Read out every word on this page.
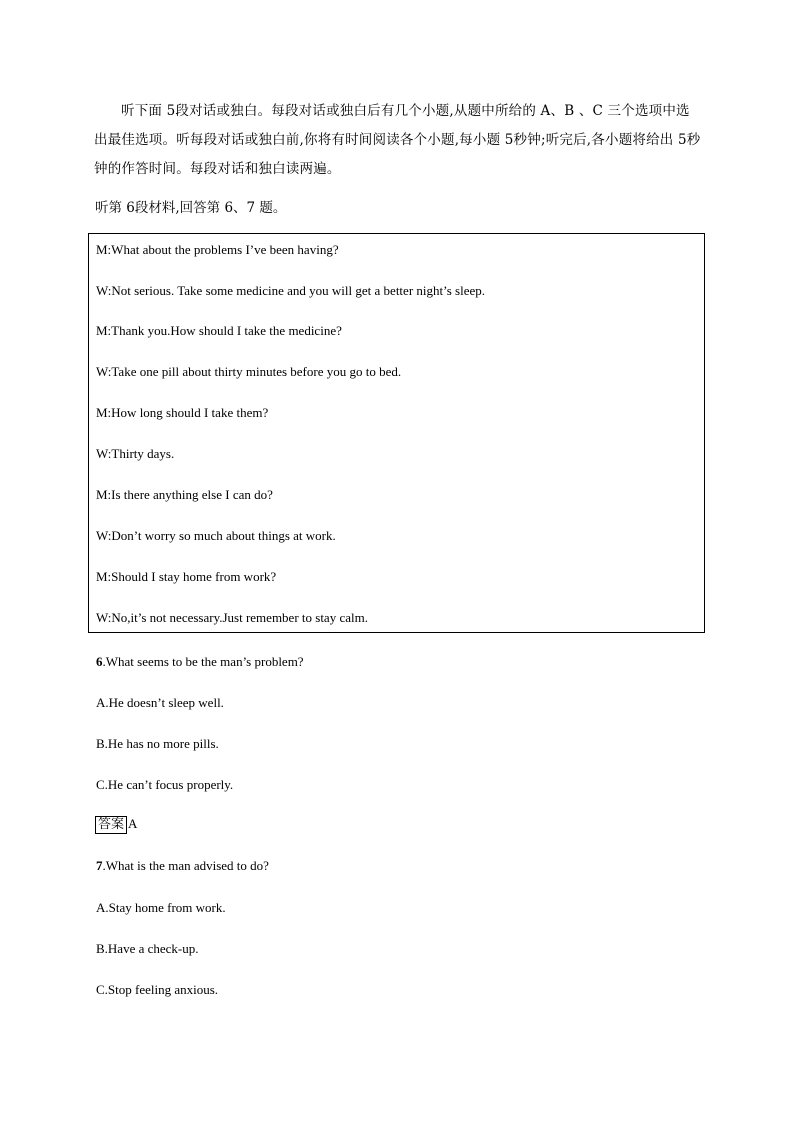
听下面 5段对话或独白。每段对话或独白后有几个小题,从题中所给的 A、B 、C 三个选项中选出最佳选项。听每段对话或独白前,你将有时间阅读各个小题,每小题 5秒钟;听完后,各小题将给出 5秒钟的作答时间。每段对话和独白读两遍。
听第 6段材料,回答第 6、7 题。
M:What about the problems I’ve been having?
W:Not serious. Take some medicine and you will get a better night’s sleep.
M:Thank you.How should I take the medicine?
W:Take one pill about thirty minutes before you go to bed.
M:How long should I take them?
W:Thirty days.
M:Is there anything else I can do?
W:Don’t worry so much about things at work.
M:Should I stay home from work?
W:No,it’s not necessary.Just remember to stay calm.
6.What seems to be the man’s problem?
A.He doesn’t sleep well.
B.He has no more pills.
C.He can’t focus properly.
答案 A
7.What is the man advised to do?
A.Stay home from work.
B.Have a check-up.
C.Stop feeling anxious.
